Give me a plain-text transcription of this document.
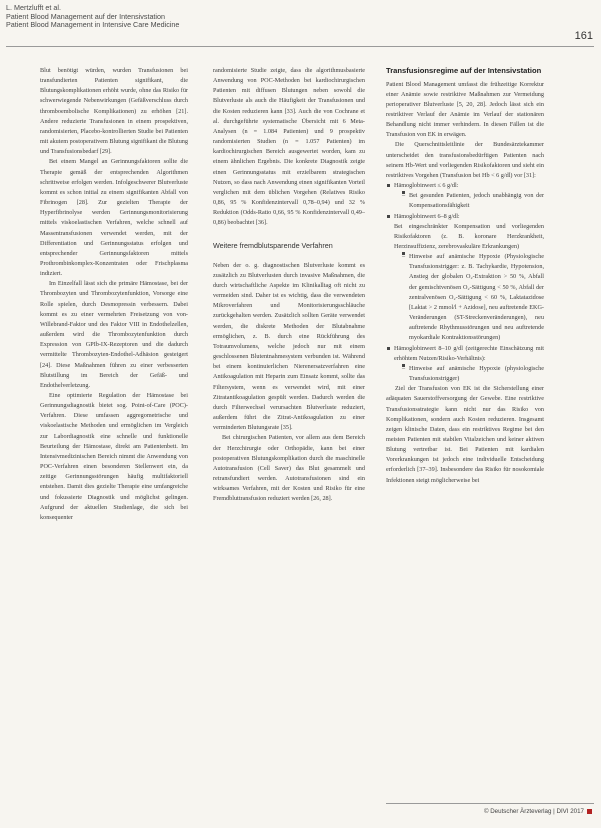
L. Mertzlufft et al.
Patient Blood Management auf der Intensivstation
Patient Blood Management in Intensive Care Medicine
161

Blut benötigt würden, wurden Transfusionen bei transfundierten Patienten signifikant, die Blutungskomplikationen erhöht wurde, ohne das Risiko für schwerwiegende Nebenwirkungen (Gefäßverschluss durch thromboembolische Komplikationen) zu erhöhen [21]. Andere reduzierte Transfusionen in einem prospektiven, randomisierten, Placebo-kontrollierten Studie bei Patienten mit akutem postoperativem Blutung signifikant die Blutung und Transfusionsbedarf [29].

Bei einem Mangel an Gerinnungsfaktoren sollte die Therapie gemäß der entsprechenden Algorithmen schrittweise erfolgen werden. Infolgeschwerer Blutverluste kommt es schon initial zu einem signifikanten Abfall von Fibrinogen [28]. Zur gezielten Therapie der Hyperfibrinolyse werden Gerinnungsmonitorisierung mittels viskoelastischen Verfahren, welche schnell auf Massentransfusionen verwendet werden, mit der Differentiation und Gerinnungsstatus erfolgen und entsprechender Gerinnungsfaktoren mittels Prothrombinkomplex-Konzentraten oder Frischplasma indiziert.

Im Einzelfall lässt sich die primäre Hämostase, bei der Thrombozyten und Thrombozytenfunktion, Vorsorge eine Rolle spielen, durch Desmopressin verbessern. Dabei kommt es zu einer vermehrten Freisetzung von von-Willebrand-Faktor und des Faktor VIII in Endothelzellen, außerdem wird die Thrombozytenfunktion durch Expression von GPIb-IX-Rezeptoren und die dadurch vermittelte Thrombozyten-Endothel-Adhäsion gesteigert [24]. Diese Maßnahmen führen zu einer verbesserten Blutstillung im Bereich der Gefäß- und Endothelverletzung.

Eine optimierte Regulation der Hämostase bei Gerinnungsdiagnostik bietet sog. Point-of-Care (POC)-Verfahren. Diese umfassen aggregometrische und viskoelastische Methoden und ermöglichen im Vergleich zur Labordiagnostik eine schnelle und funktionelle Beurteilung der Hämostase, direkt am Patientenbett. Im Intensivmedizinischen Bereich nimmt die Anwendung von POC-Verfahren einen besonderen Stellenwert ein, da zeitige Gerinnungsstörungen häufig multifaktoriell entstehen. Damit dies gezielte Therapie eine umfangreiche und fokussierte Diagnostik und möglichst gelingen. Aufgrund der aktuellen Studienlage, die sich bei konsequenter

randomisierte Studie zeigte, dass die algorithmusbasierte Anwendung von POC-Methoden bei kardiochirurgischen Patienten mit diffusen Blutungen neben sowohl die Blutverluste als auch die Häufigkeit der Transfusionen und die Kosten reduzieren kann [33]. Auch die von Cochrane et al. durchgeführte systematische Übersicht mit 6 Meta-Analysen (n = 1.084 Patienten) und 9 prospektiv randomisierten Studien (n = 1.057 Patienten) im kardiochirurgischen Bereich ausgewertet worden, kam zu einem ähnlichen Ergebnis. Die konkrete Diagnostik zeigte einen Gerinnungsstatus mit erzielbarem strategischen Nutzen, so dass nach Anwendung einen signifikanten Vorteil verglichen mit dem üblichen Vorgehen (Relatives Risiko 0,86, 95 % Konfidenzintervall 0,78–0,94) und 32 % Reduktion (Odds-Ratio 0,66, 95 % Konfidenzintervall 0,49–0,86) beobachtet [36].

Weitere fremdblutsparende Verfahren

Neben der o. g. diagnostischen Blutverluste kommt es zusätzlich zu Blutverlusten durch invasive Maßnahmen, die durch wirtschaftliche Aspekte im Klinikalltag oft nicht zu vermeiden sind. Daher ist es wichtig, dass die verwendeten Mikroverfahren und Monitorisierungsschläuche zurückgehalten werden. Zusätzlich sollten Geräte verwendet werden, die diskrete Methoden der Blutabnahme ermöglichen, z. B. durch eine Rückführung des Totraumvolumens, welche jedoch nur mit einem geschlossenen Blutentnahmesystem verbunden ist. Während bei einem kontinuierlichen Nierenersatzverfahren eine Antikoagulation mit Heparin zum Einsatz kommt, sollte das Filtersystem, wenn es verwendet wird, mit einer Zitratantikoagulation gespült werden. Dadurch werden die durch Filterwechsel verursachten Blutverluste reduziert, außerdem führt die Zitrat-Antikoagulation zu einer verminderten Blutungsrate [35].

Bei chirurgischen Patienten, vor allem aus dem Bereich der Herzchirurgie oder Orthopädie, kann bei einer postoperativen Blutungskomplikation durch die maschinelle Autotransfusion (Cell Saver) das Blut gesammelt und retransfundiert werden. Autotransfusionen sind ein wirksames Verfahren, mit der Kosten und Risiko für eine Fremdbluttransfusion reduziert werden [26, 28].

Transfusionsregime auf der Intensivstation

Patient Blood Management umfasst die frühzeitige Korrektur einer Anämie sowie restriktive Maßnahmen zur Vermeidung perioperativer Blutverluste [5, 20, 28]. Jedoch lässt sich ein restriktiver Verlauf der Anämie im Verlauf der stationären Behandlung nicht immer verhindern. In diesen Fällen ist die Transfusion von EK in erwägen.

Die Querschnittsleitlinie der Bundesärztekammer unterscheidet den transfusionsbedürftigen Patienten nach seinem Hb-Wert und vorliegenden Risikofaktoren und sieht ein restriktives Vorgehen (Transfusion bei Hb < 6 g/dl) vor [31]:

Hämoglobinwert ≤ 6 g/dl:
– Bei gesunden Patienten, jedoch unabhängig von der Kompensationsfähigkeit
Hämoglobinwert 6–8 g/dl:
Bei eingeschränkter Kompensation und vorliegenden Risikofaktoren (z. B. koronare Herzkrankheit, Herzinsuffizienz, zerebrovaskuläre Erkrankungen)
– Hinweise auf anämische Hypoxie (Physiologische Transfusionstrigger: z. B. Tachykardie, Hypotension, Anstieg der globalen O₂-Extraktion > 50 %, Abfall der gemischtvenösen O₂-Sättigung < 50 %, Abfall der zentralvenösen O₂-Sättigung < 60 %, Laktatazidose [Laktat > 2 mmol/l + Azidose], neu auftretende EKG-Veränderungen (ST-Streckenveränderungen), neu auftretende Rhythmusstörungen und neu auftretende myokardiale Kontraktionsstörungen)
Hämoglobinwert 8–10 g/dl (zeitgerechte Einschätzung mit erhöhtem Nutzen/Risiko-Verhältnis):
– Hinweise auf anämische Hypoxie (physiologische Transfusionstrigger)

Ziel der Transfusion von EK ist die Sicherstellung einer adäquaten Sauerstoffversorgung der Gewebe. Eine restriktive Transfusionsstrategie kann nicht nur das Risiko von Komplikationen, sondern auch Kosten reduzieren. Insgesamt zeigen klinische Daten, dass ein restriktives Regime bei den meisten Patienten mit stabilen Vitalzeichen und keiner aktiven Blutung vertretbar ist. Bei Patienten mit kardialen Vorerkrankungen ist jedoch eine individuelle Entscheidung erforderlich [37–39]. Insbesondere das Risiko für nosokomiale Infektionen steigt möglicherweise bei

© Deutscher Ärzteverlag | DIVI 2017
